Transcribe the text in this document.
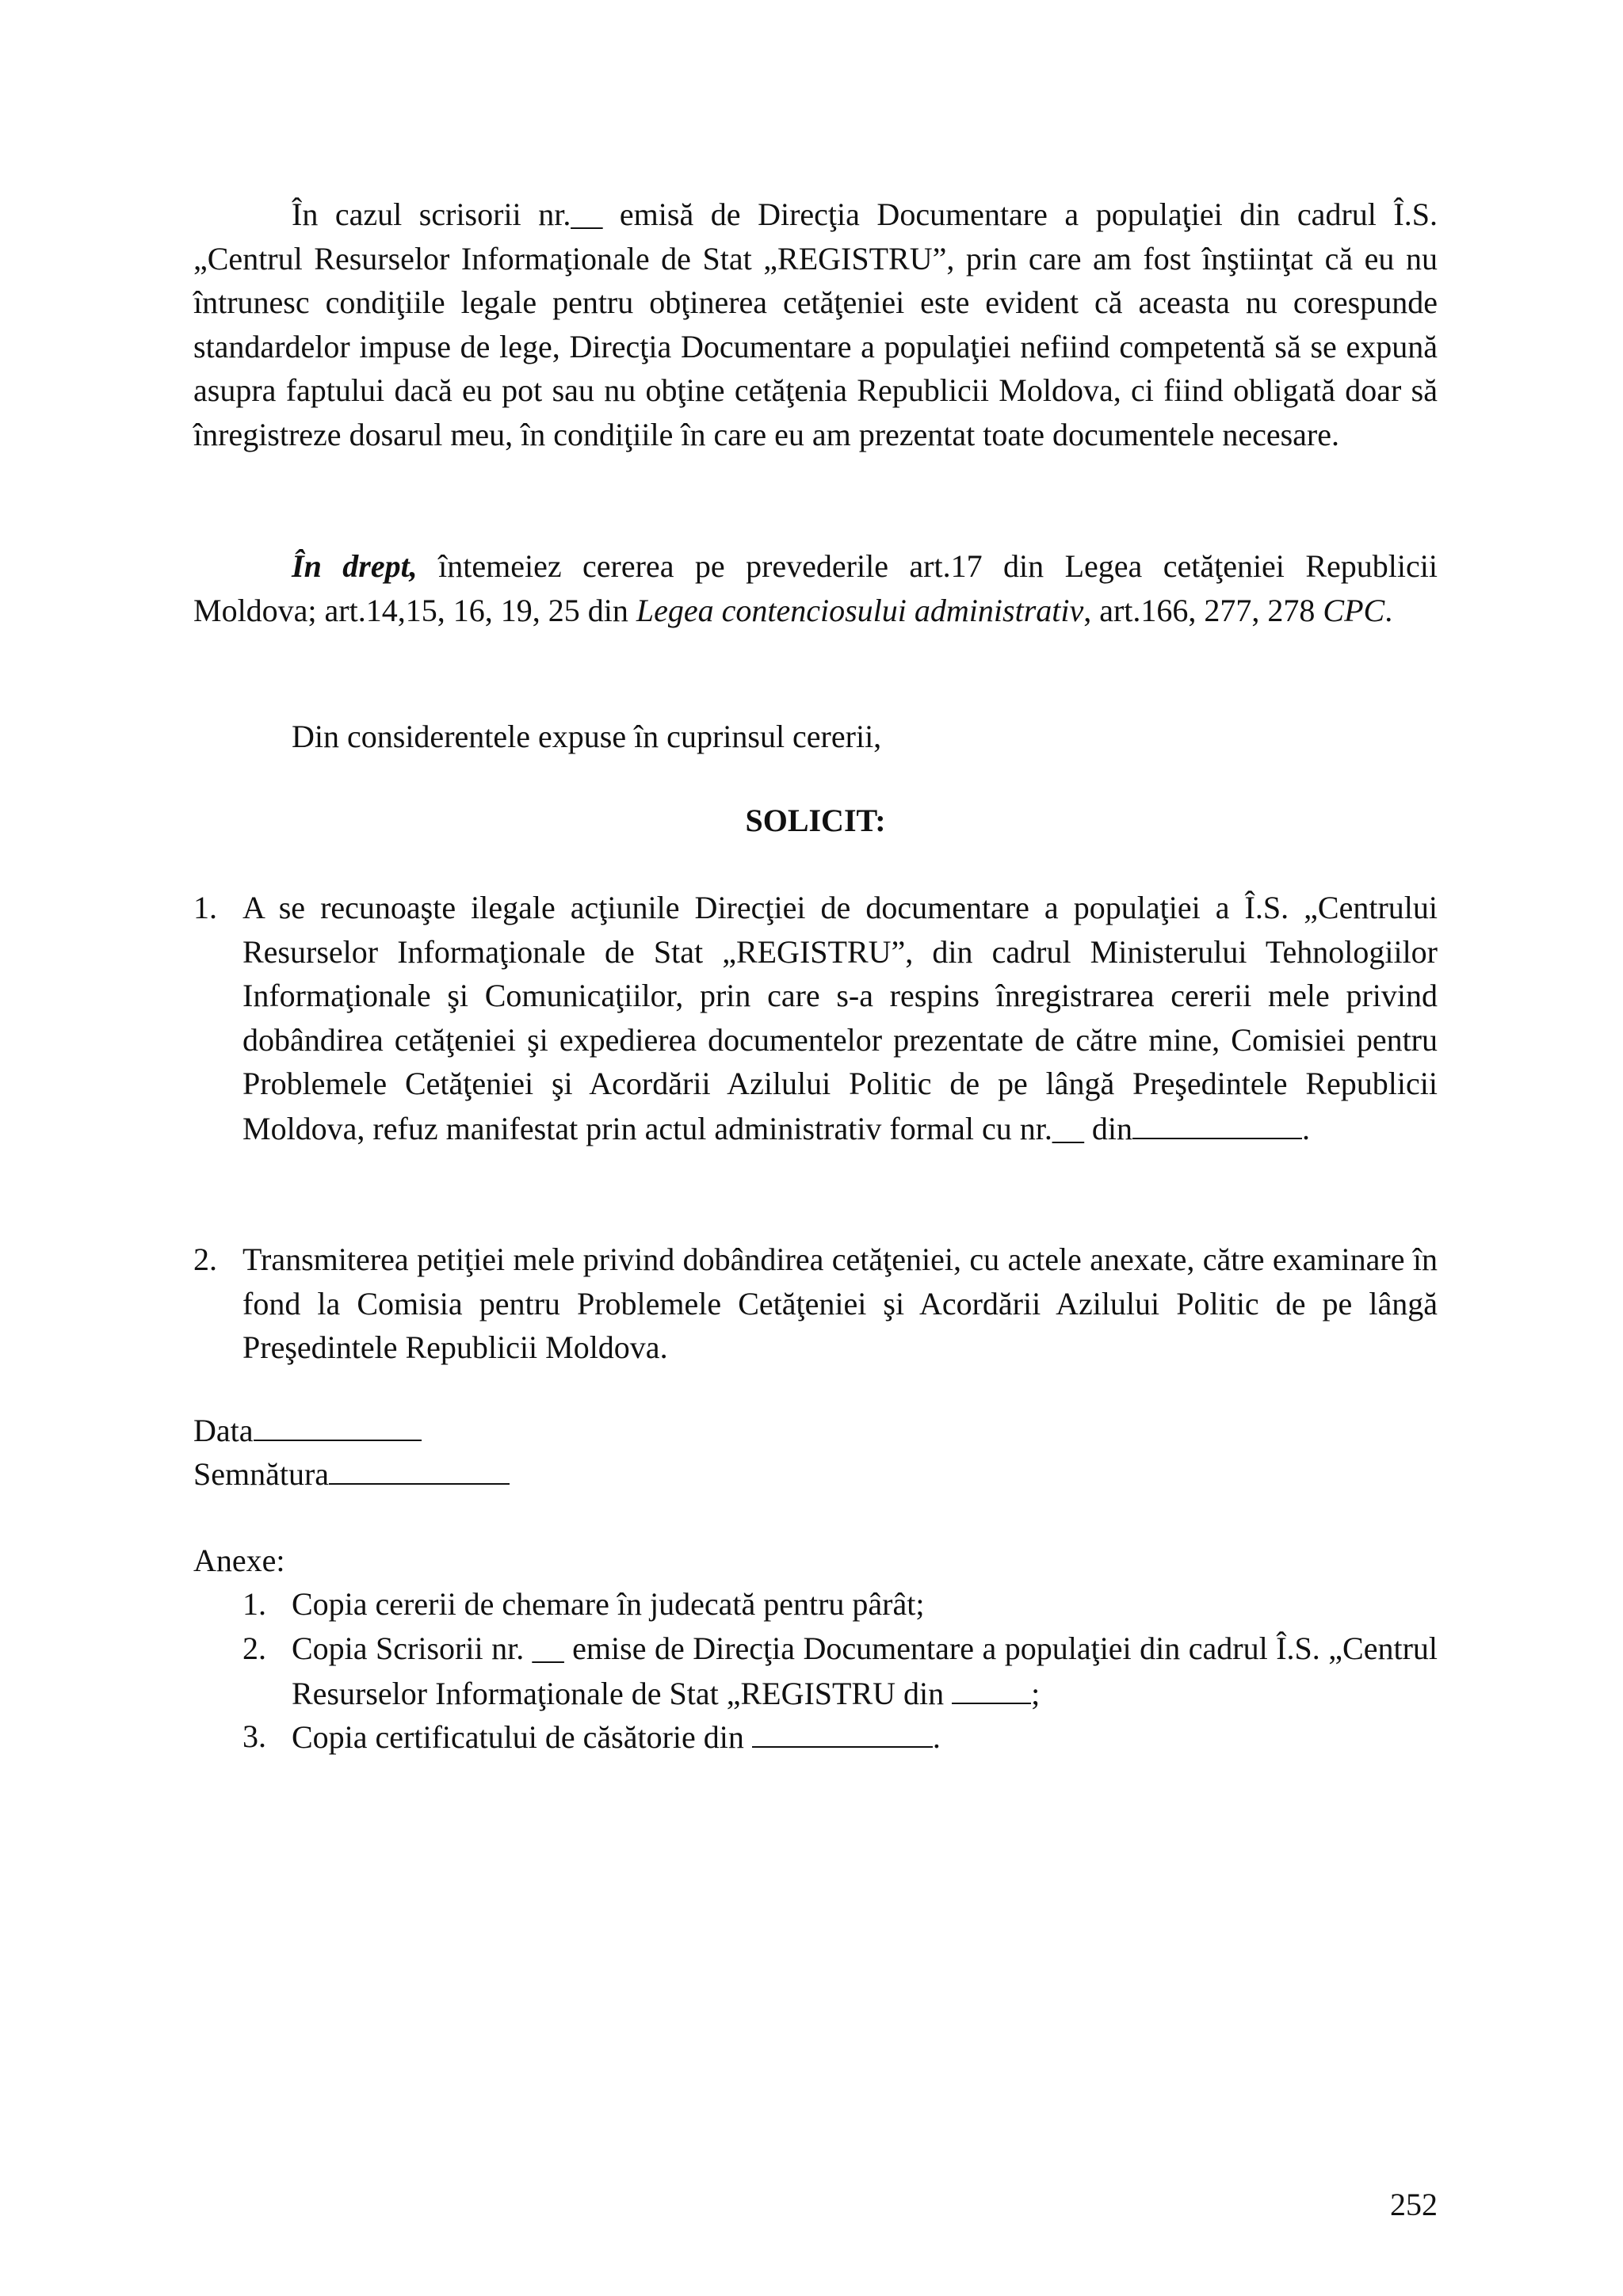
În cazul scrisorii nr.__ emisă de Direcţia Documentare a populaţiei din cadrul Î.S. „Centrul Resurselor Informaţionale de Stat „REGISTRU”, prin care am fost înştiinţat că eu nu întrunesc condiţiile legale pentru obţinerea cetăţeniei este evident că aceasta nu corespunde standardelor impuse de lege, Direcţia Documentare a populaţiei nefiind competentă să se expună asupra faptului dacă eu pot sau nu obţine cetăţenia Republicii Moldova, ci fiind obligată doar să înregistreze dosarul meu, în condiţiile în care eu am prezentat toate documentele necesare.

În drept, întemeiez cererea pe prevederile art.17 din Legea cetăţeniei Republicii Moldova; art.14,15, 16, 19, 25 din Legea contenciosului administrativ, art.166, 277, 278 CPC.

Din considerentele expuse în cuprinsul cererii,

SOLICIT:
1. A se recunoaşte ilegale acţiunile Direcţiei de documentare a populaţiei a Î.S. „Centrului Resurselor Informaţionale de Stat „REGISTRU”, din cadrul Ministerului Tehnologiilor Informaţionale şi Comunicaţiilor, prin care s-a respins înregistrarea cererii mele privind dobândirea cetăţeniei şi expedierea documentelor prezentate de către mine, Comisiei pentru Problemele Cetăţeniei şi Acordării Azilului Politic de pe lângă Preşedintele Republicii Moldova, refuz manifestat prin actul administrativ formal cu nr.__ din	.
2. Transmiterea petiţiei mele privind dobândirea cetăţeniei, cu actele anexate, către examinare în fond la Comisia pentru Problemele Cetăţeniei şi Acordării Azilului Politic de pe lângă Preşedintele Republicii Moldova.
Data
Semnătura
Anexe:
1. Copia cererii de chemare în judecată pentru pârât;
2. Copia Scrisorii nr. __ emise de Direcţia Documentare a populaţiei din cadrul Î.S. „Centrul Resurselor Informaţionale de Stat „REGISTRU din	;
3. Copia certificatului de căsătorie din	.
252
